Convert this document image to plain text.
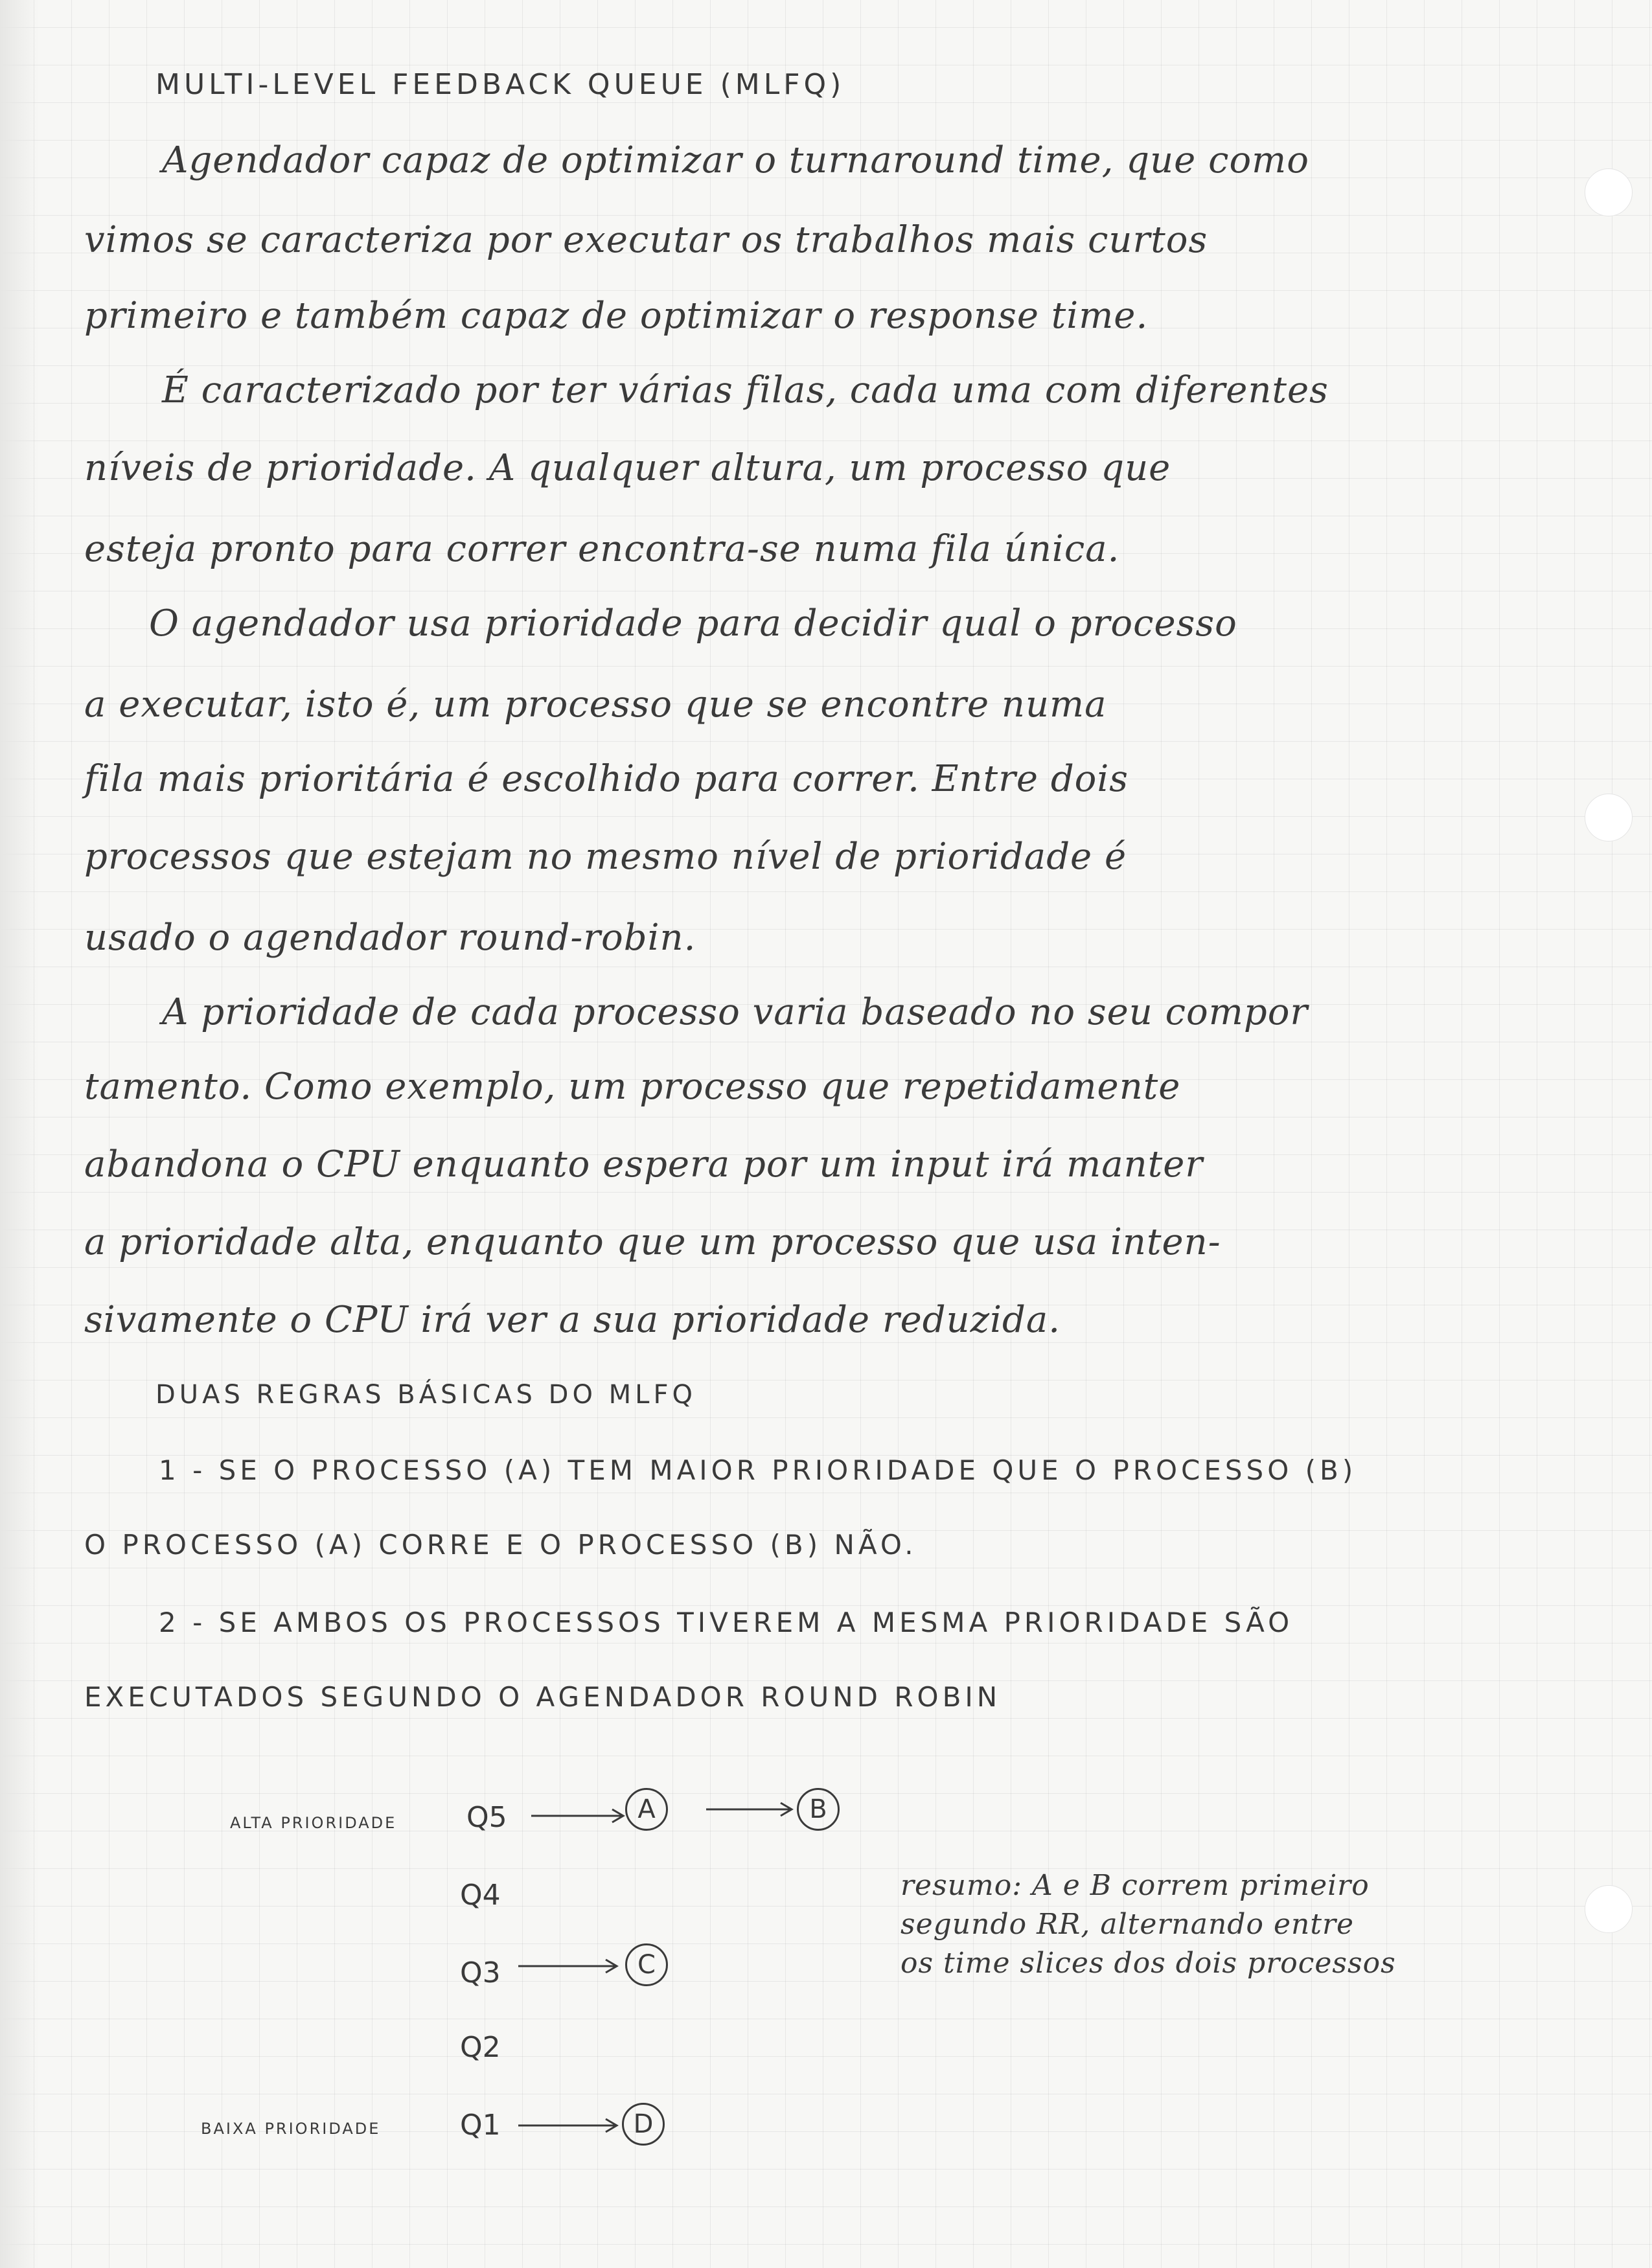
MULTI-LEVEL FEEDBACK QUEUE (MLFQ)

Agendador capaz de optimizar o turnaround time, que como

vimos se caracteriza por executar os trabalhos mais curtos

primeiro e também capaz de optimizar o response time.

É caracterizado por ter várias filas, cada uma com diferentes

níveis de prioridade. A qualquer altura, um processo que

esteja pronto para correr encontra-se numa fila única.

O agendador usa prioridade para decidir qual o processo

a executar, isto é, um processo que se encontre numa

fila mais prioritária é escolhido para correr. Entre dois

processos que estejam no mesmo nível de prioridade é

usado o agendador round-robin.

A prioridade de cada processo varia baseado no seu compor

tamento. Como exemplo, um processo que repetidamente

abandona o CPU enquanto espera por um input irá manter

a prioridade alta, enquanto que um processo que usa inten-

sivamente o CPU irá ver a sua prioridade reduzida.

DUAS REGRAS BÁSICAS DO MLFQ
1 - SE O PROCESSO (A) TEM MAIOR PRIORIDADE QUE O PROCESSO (B)
O PROCESSO (A) CORRE E O PROCESSO (B) NÃO.
2 - SE AMBOS OS PROCESSOS TIVEREM A MESMA PRIORIDADE SÃO
EXECUTADOS SEGUNDO O AGENDADOR ROUND ROBIN
ALTA PRIORIDADE
BAIXA PRIORIDADE
Q5
Q4
Q3
Q2
Q1
A	B
C
D

resumo: A e B correm primeiro

segundo RR, alternando entre

os time slices dos dois processos
